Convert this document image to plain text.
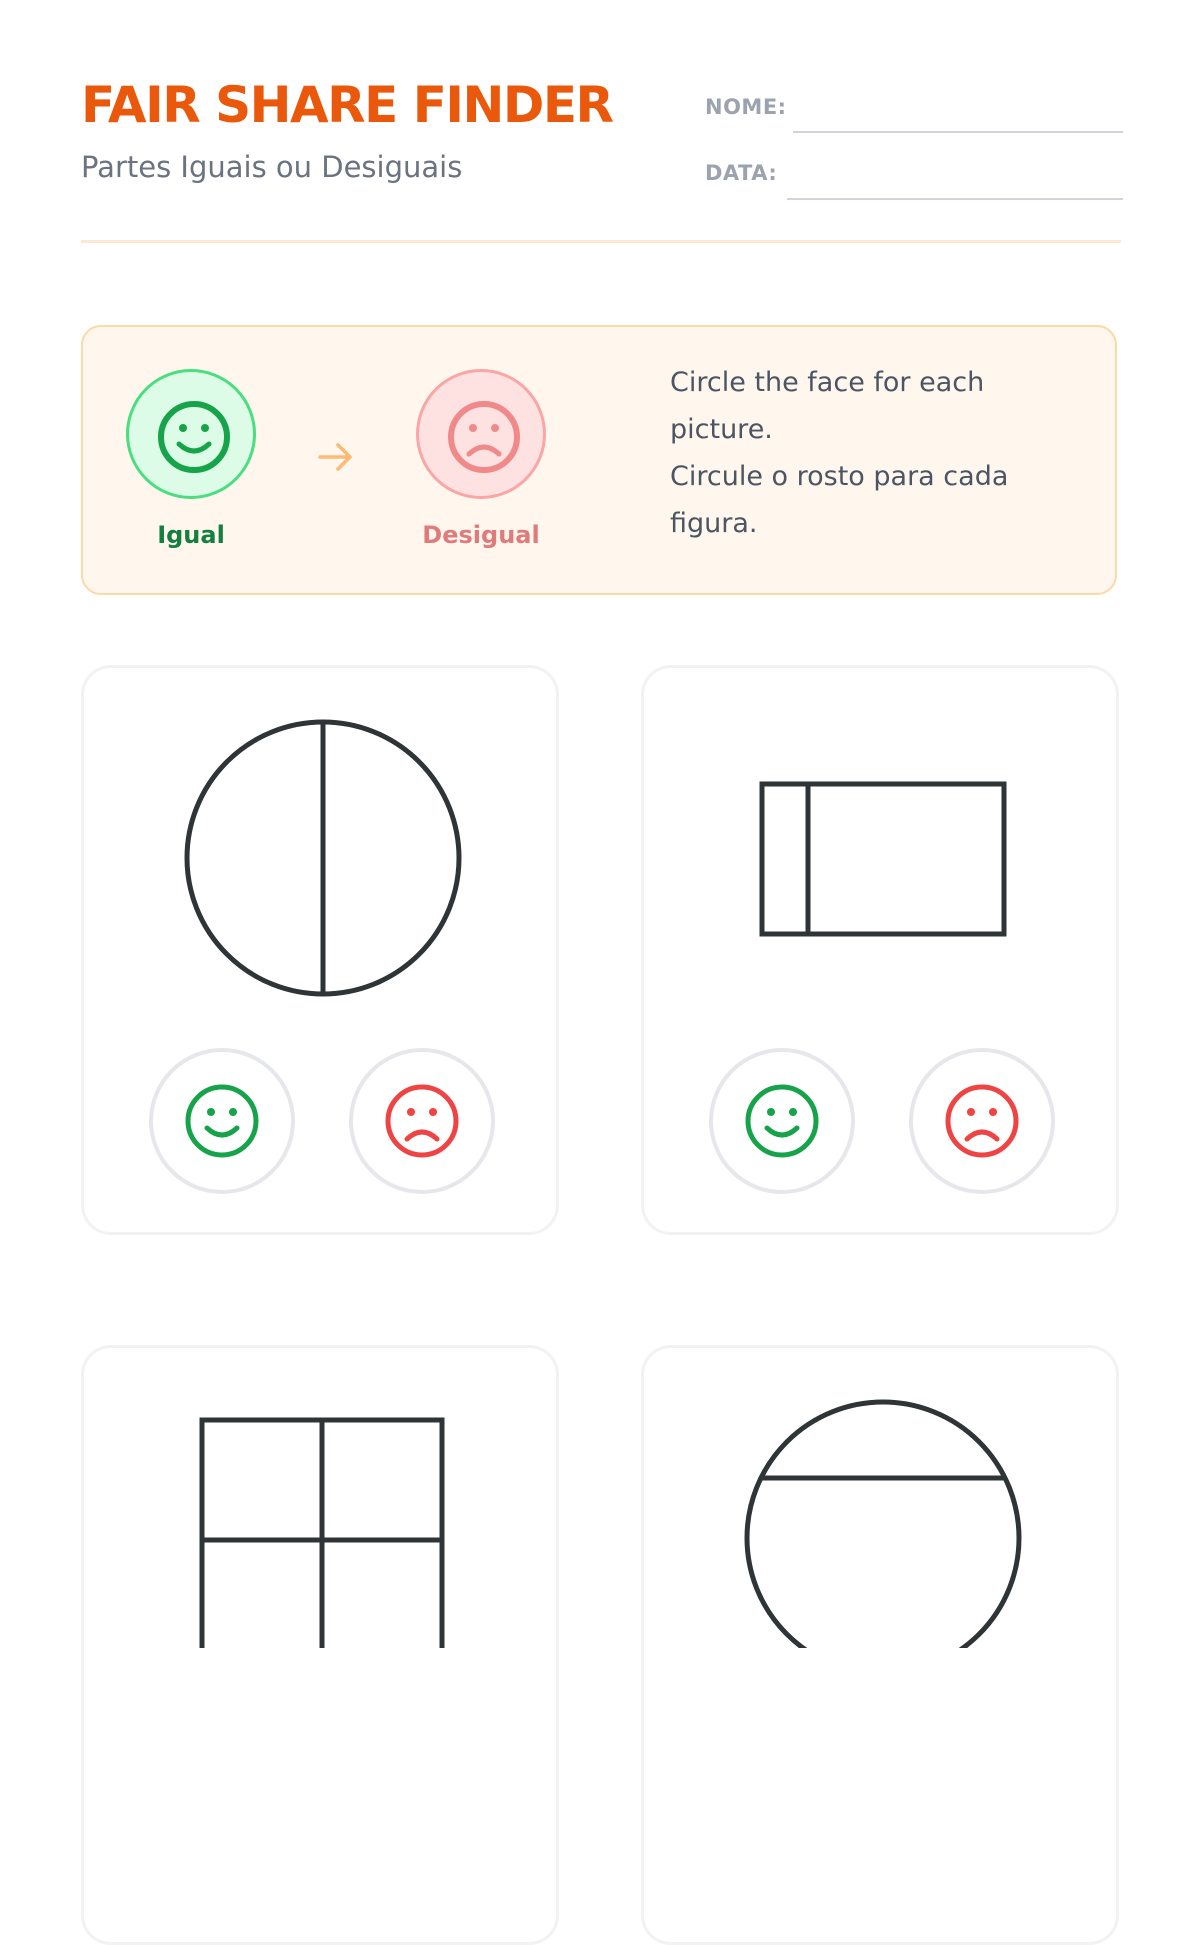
FAIR SHARE FINDER

Partes Iguais ou Desiguais

NOME:
DATA:
Igual	Desigual
Circle the face for each picture.
Circule o rosto para cada figura.
